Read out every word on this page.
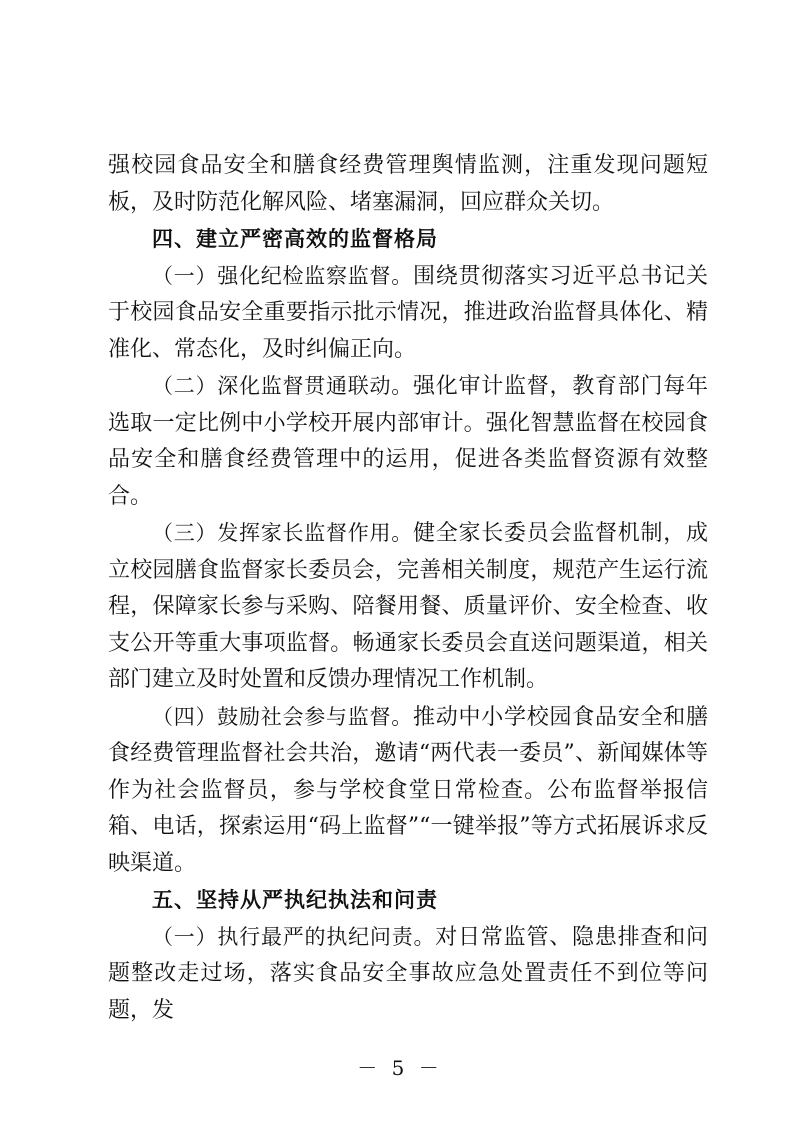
强校园食品安全和膳食经费管理舆情监测，注重发现问题短板，及时防范化解风险、堵塞漏洞，回应群众关切。

四、建立严密高效的监督格局

（一）强化纪检监察监督。围绕贯彻落实习近平总书记关于校园食品安全重要指示批示情况，推进政治监督具体化、精准化、常态化，及时纠偏正向。

（二）深化监督贯通联动。强化审计监督，教育部门每年选取一定比例中小学校开展内部审计。强化智慧监督在校园食品安全和膳食经费管理中的运用，促进各类监督资源有效整合。

（三）发挥家长监督作用。健全家长委员会监督机制，成立校园膳食监督家长委员会，完善相关制度，规范产生运行流程，保障家长参与采购、陪餐用餐、质量评价、安全检查、收支公开等重大事项监督。畅通家长委员会直送问题渠道，相关部门建立及时处置和反馈办理情况工作机制。

（四）鼓励社会参与监督。推动中小学校园食品安全和膳食经费管理监督社会共治，邀请“两代表一委员”、新闻媒体等作为社会监督员，参与学校食堂日常检查。公布监督举报信箱、电话，探索运用“码上监督”“一键举报”等方式拓展诉求反映渠道。

五、坚持从严执纪执法和问责

（一）执行最严的执纪问责。对日常监管、隐患排查和问题整改走过场，落实食品安全事故应急处置责任不到位等问题，发

－ 5 －
